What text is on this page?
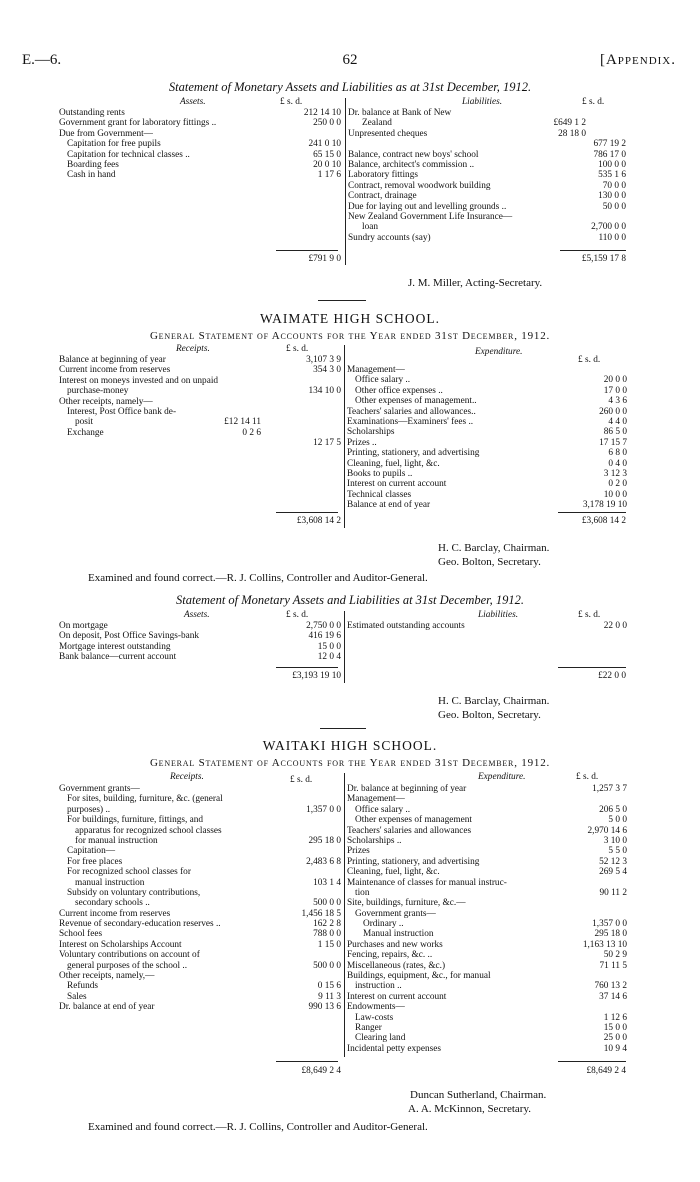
E.—6.	62	[Appendix.
Statement of Monetary Assets and Liabilities as at 31st December, 1912.
Assets.	£ s. d.	Liabilities.	£ s. d.
Outstanding rents	212 14 10
Government grant for laboratory fittings ..	250 0 0
Due from Government—
Capitation for free pupils	241 0 10
Capitation for technical classes ..	65 15 0
Boarding fees	20 0 10
Cash in hand	1 17 6
Dr. balance at Bank of New
Zealand	£649 1 2
Unpresented cheques	28 18 0
677 19 2
Balance, contract new boys' school	786 17 0
Balance, architect's commission ..	100 0 0
Laboratory fittings	535 1 6
Contract, removal woodwork building	70 0 0
Contract, drainage	130 0 0
Due for laying out and levelling grounds ..	50 0 0
New Zealand Government Life Insurance—
loan	2,700 0 0
Sundry accounts (say)	110 0 0
£791 9 0	£5,159 17 8
J. M. Miller, Acting-Secretary.
WAIMATE HIGH SCHOOL.
General Statement of Accounts for the Year ended 31st December, 1912.
Receipts.	£ s. d.	Expenditure.
£ s. d.
Balance at beginning of year	3,107 3 9
Current income from reserves	354 3 0
Interest on moneys invested and on unpaid
purchase-money	134 10 0
Other receipts, namely—
Interest, Post Office bank de-
posit	£12 14 11
Exchange	0 2 6
12 17 5
Management—
Office salary ..	20 0 0
Other office expenses ..	17 0 0
Other expenses of management..	4 3 6
Teachers' salaries and allowances..	260 0 0
Examinations—Examiners' fees ..	4 4 0
Scholarships	86 5 0
Prizes ..	17 15 7
Printing, stationery, and advertising	6 8 0
Cleaning, fuel, light, &c.	0 4 0
Books to pupils ..	3 12 3
Interest on current account	0 2 0
Technical classes	10 0 0
Balance at end of year	3,178 19 10
£3,608 14 2	£3,608 14 2
H. C. Barclay, Chairman.
Geo. Bolton, Secretary.
Examined and found correct.—R. J. Collins, Controller and Auditor-General.
Statement of Monetary Assets and Liabilities at 31st December, 1912.
Assets.	£ s. d.	Liabilities.	£ s. d.
On mortgage	2,750 0 0
On deposit, Post Office Savings-bank	416 19 6
Mortgage interest outstanding	15 0 0
Bank balance—current account	12 0 4
Estimated outstanding accounts	22 0 0
£3,193 19 10	£22 0 0
H. C. Barclay, Chairman.
Geo. Bolton, Secretary.
WAITAKI HIGH SCHOOL.
General Statement of Accounts for the Year ended 31st December, 1912.
Receipts.	£ s. d.	Expenditure.	£ s. d.
Government grants—
For sites, building, furniture, &c. (general
purposes) ..	1,357 0 0
For buildings, furniture, fittings, and
apparatus for recognized school classes
for manual instruction	295 18 0
Capitation—
For free places	2,483 6 8
For recognized school classes for
manual instruction	103 1 4
Subsidy on voluntary contributions,
secondary schools ..	500 0 0
Current income from reserves	1,456 18 5
Revenue of secondary-education reserves ..	162 2 8
School fees	788 0 0
Interest on Scholarships Account	1 15 0
Voluntary contributions on account of
general purposes of the school ..	500 0 0
Other receipts, namely,—
Refunds	0 15 6
Sales	9 11 3
Dr. balance at end of year	990 13 6
Dr. balance at beginning of year	1,257 3 7
Management—
Office salary ..	206 5 0
Other expenses of management	5 0 0
Teachers' salaries and allowances	2,970 14 6
Scholarships ..	3 10 0
Prizes	5 5 0
Printing, stationery, and advertising	52 12 3
Cleaning, fuel, light, &c.	269 5 4
Maintenance of classes for manual instruc-
tion	90 11 2
Site, buildings, furniture, &c.—
Government grants—
Ordinary ..	1,357 0 0
Manual instruction	295 18 0
Purchases and new works	1,163 13 10
Fencing, repairs, &c. ..	50 2 9
Miscellaneous (rates, &c.)	71 11 5
Buildings, equipment, &c., for manual
instruction ..	760 13 2
Interest on current account	37 14 6
Endowments—
Law-costs	1 12 6
Ranger	15 0 0
Clearing land	25 0 0
Incidental petty expenses	10 9 4
£8,649 2 4	£8,649 2 4
Duncan Sutherland, Chairman.
A. A. McKinnon, Secretary.
Examined and found correct.—R. J. Collins, Controller and Auditor-General.
